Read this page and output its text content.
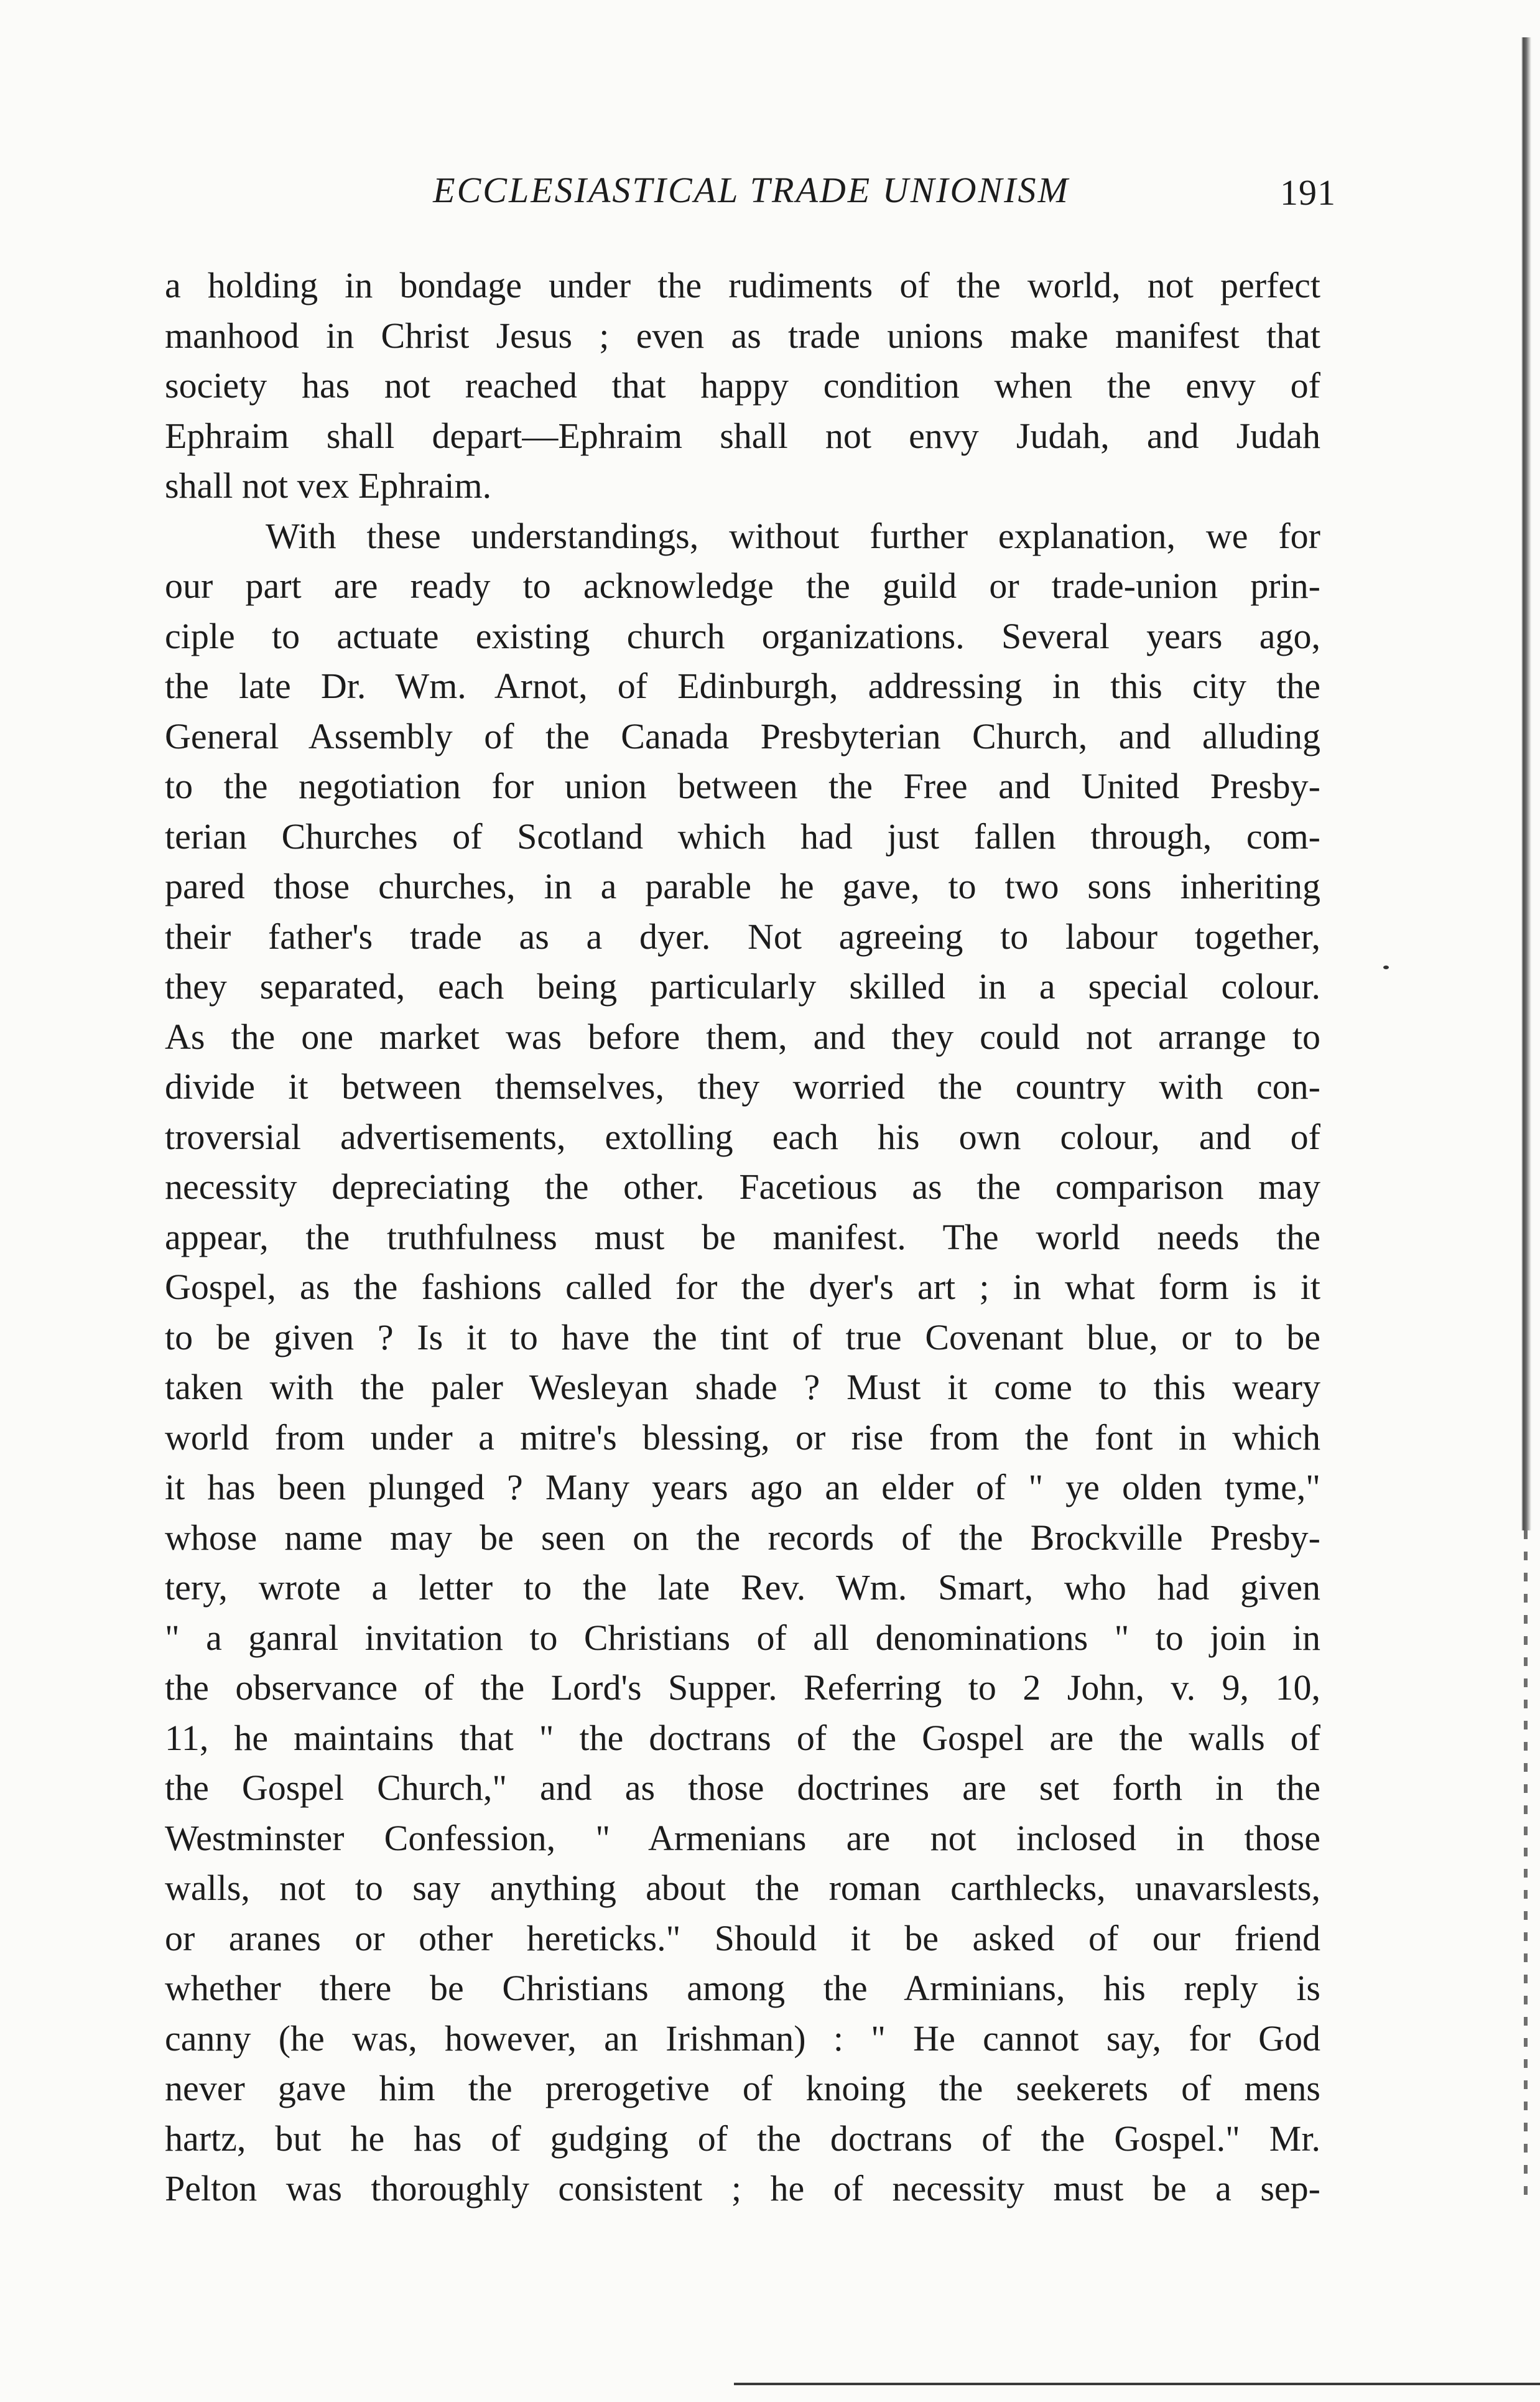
ECCLESIASTICAL TRADE UNIONISM	191
a holding in bondage under the rudiments of the world, not perfect
manhood in Christ Jesus ; even as trade unions make manifest that
society has not reached that happy condition when the envy of
Ephraim shall depart—Ephraim shall not envy Judah, and Judah
shall not vex Ephraim.
With these understandings, without further explanation, we for
our part are ready to acknowledge the guild or trade-union prin-
ciple to actuate existing church organizations. Several years ago,
the late Dr. Wm. Arnot, of Edinburgh, addressing in this city the
General Assembly of the Canada Presbyterian Church, and alluding
to the negotiation for union between the Free and United Presby-
terian Churches of Scotland which had just fallen through, com-
pared those churches, in a parable he gave, to two sons inheriting
their father's trade as a dyer. Not agreeing to labour together,
they separated, each being particularly skilled in a special colour.
As the one market was before them, and they could not arrange to
divide it between themselves, they worried the country with con-
troversial advertisements, extolling each his own colour, and of
necessity depreciating the other. Facetious as the comparison may
appear, the truthfulness must be manifest. The world needs the
Gospel, as the fashions called for the dyer's art ; in what form is it
to be given ? Is it to have the tint of true Covenant blue, or to be
taken with the paler Wesleyan shade ? Must it come to this weary
world from under a mitre's blessing, or rise from the font in which
it has been plunged ? Many years ago an elder of " ye olden tyme,"
whose name may be seen on the records of the Brockville Presby-
tery, wrote a letter to the late Rev. Wm. Smart, who had given
" a ganral invitation to Christians of all denominations " to join in
the observance of the Lord's Supper. Referring to 2 John, v. 9, 10,
11, he maintains that " the doctrans of the Gospel are the walls of
the Gospel Church," and as those doctrines are set forth in the
Westminster Confession, " Armenians are not inclosed in those
walls, not to say anything about the roman carthlecks, unavarslests,
or aranes or other hereticks." Should it be asked of our friend
whether there be Christians among the Arminians, his reply is
canny (he was, however, an Irishman) : " He cannot say, for God
never gave him the prerogetive of knoing the seekerets of mens
hartz, but he has of gudging of the doctrans of the Gospel." Mr.
Pelton was thoroughly consistent ; he of necessity must be a sep-
